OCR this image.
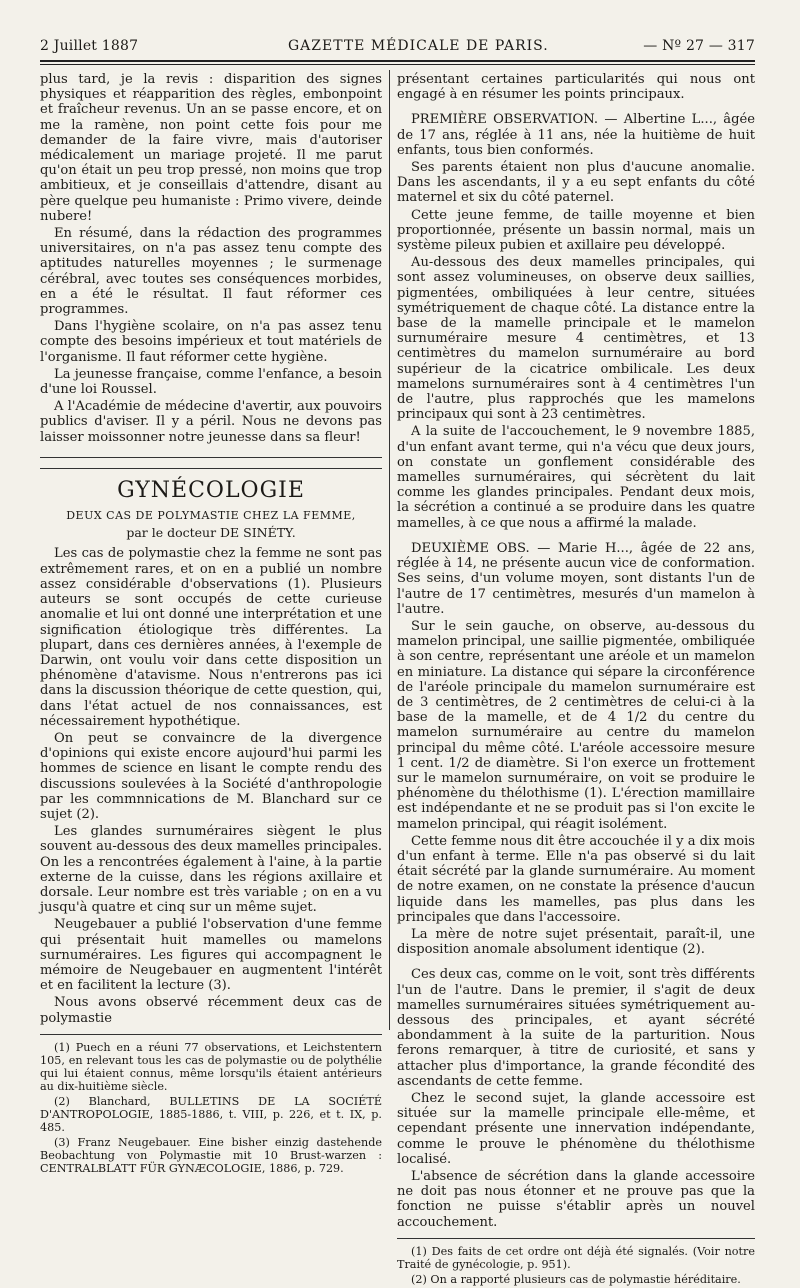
2 Juillet 1887	GAZETTE MÉDICALE DE PARIS.	— Nº 27 — 317

plus tard, je la revis : disparition des signes physiques et réapparition des règles, embonpoint et fraîcheur revenus. Un an se passe encore, et on me la ramène, non point cette fois pour me demander de la faire vivre, mais d'autoriser médicalement un mariage projeté. Il me parut qu'on était un peu trop pressé, non moins que trop ambitieux, et je conseillais d'attendre, disant au père quelque peu humaniste : Primo vivere, deinde nubere!

En résumé, dans la rédaction des programmes universitaires, on n'a pas assez tenu compte des aptitudes naturelles moyennes ; le surmenage cérébral, avec toutes ses conséquences morbides, en a été le résultat. Il faut réformer ces programmes.

Dans l'hygiène scolaire, on n'a pas assez tenu compte des besoins impérieux et tout matériels de l'organisme. Il faut réformer cette hygiène.

La jeunesse française, comme l'enfance, a besoin d'une loi Roussel.

A l'Académie de médecine d'avertir, aux pouvoirs publics d'aviser. Il y a péril. Nous ne devons pas laisser moissonner notre jeunesse dans sa fleur!

GYNÉCOLOGIE
DEUX CAS DE POLYMASTIE CHEZ LA FEMME,
par le docteur DE SINÉTY.

Les cas de polymastie chez la femme ne sont pas extrêmement rares, et on en a publié un nombre assez considérable d'observations (1). Plusieurs auteurs se sont occupés de cette curieuse anomalie et lui ont donné une interprétation et une signification étiologique très différentes. La plupart, dans ces dernières années, à l'exemple de Darwin, ont voulu voir dans cette disposition un phénomène d'atavisme. Nous n'entrerons pas ici dans la discussion théorique de cette question, qui, dans l'état actuel de nos connaissances, est nécessairement hypothétique.

On peut se convaincre de la divergence d'opinions qui existe encore aujourd'hui parmi les hommes de science en lisant le compte rendu des discussions soulevées à la Société d'anthropologie par les commnnications de M. Blanchard sur ce sujet (2).

Les glandes surnuméraires siègent le plus souvent au-dessous des deux mamelles principales. On les a rencontrées également à l'aine, à la partie externe de la cuisse, dans les régions axillaire et dorsale. Leur nombre est très variable ; on en a vu jusqu'à quatre et cinq sur un même sujet.

Neugebauer a publié l'observation d'une femme qui présentait huit mamelles ou mamelons surnuméraires. Les figures qui accompagnent le mémoire de Neugebauer en augmentent l'intérêt et en facilitent la lecture (3).

Nous avons observé récemment deux cas de polymastie

(1) Puech en a réuni 77 observations, et Leichstentern 105, en relevant tous les cas de polymastie ou de polythélie qui lui étaient connus, même lorsqu'ils étaient antérieurs au dix-huitième siècle.

(2) Blanchard, BULLETINS DE LA SOCIÉTÉ D'ANTROPOLOGIE, 1885-1886, t. VIII, p. 226, et t. IX, p. 485.

(3) Franz Neugebauer. Eine bisher einzig dastehende Beobachtung von Polymastie mit 10 Brust-warzen : CENTRALBLATT FÜR GYNÆCOLOGIE, 1886, p. 729.

présentant certaines particularités qui nous ont engagé à en résumer les points principaux.

PREMIÈRE OBSERVATION. — Albertine L..., âgée de 17 ans, réglée à 11 ans, née la huitième de huit enfants, tous bien conformés.

Ses parents étaient non plus d'aucune anomalie. Dans les ascendants, il y a eu sept enfants du côté maternel et six du côté paternel.

Cette jeune femme, de taille moyenne et bien proportionnée, présente un bassin normal, mais un système pileux pubien et axillaire peu développé.

Au-dessous des deux mamelles principales, qui sont assez volumineuses, on observe deux saillies, pigmentées, ombiliquées à leur centre, situées symétriquement de chaque côté. La distance entre la base de la mamelle principale et le mamelon surnuméraire mesure 4 centimètres, et 13 centimètres du mamelon surnuméraire au bord supérieur de la cicatrice ombilicale. Les deux mamelons surnuméraires sont à 4 centimètres l'un de l'autre, plus rapprochés que les mamelons principaux qui sont à 23 centimètres.

A la suite de l'accouchement, le 9 novembre 1885, d'un enfant avant terme, qui n'a vécu que deux jours, on constate un gonflement considérable des mamelles surnuméraires, qui sécrètent du lait comme les glandes principales. Pendant deux mois, la sécrétion a continué a se produire dans les quatre mamelles, à ce que nous a affirmé la malade.

DEUXIÈME OBS. — Marie H..., âgée de 22 ans, réglée à 14, ne présente aucun vice de conformation. Ses seins, d'un volume moyen, sont distants l'un de l'autre de 17 centimètres, mesurés d'un mamelon à l'autre.

Sur le sein gauche, on observe, au-dessous du mamelon principal, une saillie pigmentée, ombiliquée à son centre, représentant une aréole et un mamelon en miniature. La distance qui sépare la circonférence de l'aréole principale du mamelon surnuméraire est de 3 centimètres, de 2 centimètres de celui-ci à la base de la mamelle, et de 4 1/2 du centre du mamelon surnuméraire au centre du mamelon principal du même côté. L'aréole accessoire mesure 1 cent. 1/2 de diamètre. Si l'on exerce un frottement sur le mamelon surnuméraire, on voit se produire le phénomène du thélothisme (1). L'érection mamillaire est indépendante et ne se produit pas si l'on excite le mamelon principal, qui réagit isolément.

Cette femme nous dit être accouchée il y a dix mois d'un enfant à terme. Elle n'a pas observé si du lait était sécrété par la glande surnuméraire. Au moment de notre examen, on ne constate la présence d'aucun liquide dans les mamelles, pas plus dans les principales que dans l'accessoire.

La mère de notre sujet présentait, paraît-il, une disposition anomale absolument identique (2).

Ces deux cas, comme on le voit, sont très différents l'un de l'autre. Dans le premier, il s'agit de deux mamelles surnuméraires situées symétriquement au-dessous des principales, et ayant sécrété abondamment à la suite de la parturition. Nous ferons remarquer, à titre de curiosité, et sans y attacher plus d'importance, la grande fécondité des ascendants de cette femme.

Chez le second sujet, la glande accessoire est située sur la mamelle principale elle-même, et cependant présente une innervation indépendante, comme le prouve le phénomène du thélothisme localisé.

L'absence de sécrétion dans la glande accessoire ne doit pas nous étonner et ne prouve pas que la fonction ne puisse s'établir après un nouvel accouchement.

(1) Des faits de cet ordre ont déjà été signalés. (Voir notre Traité de gynécologie, p. 951).

(2) On a rapporté plusieurs cas de polymastie héréditaire.
